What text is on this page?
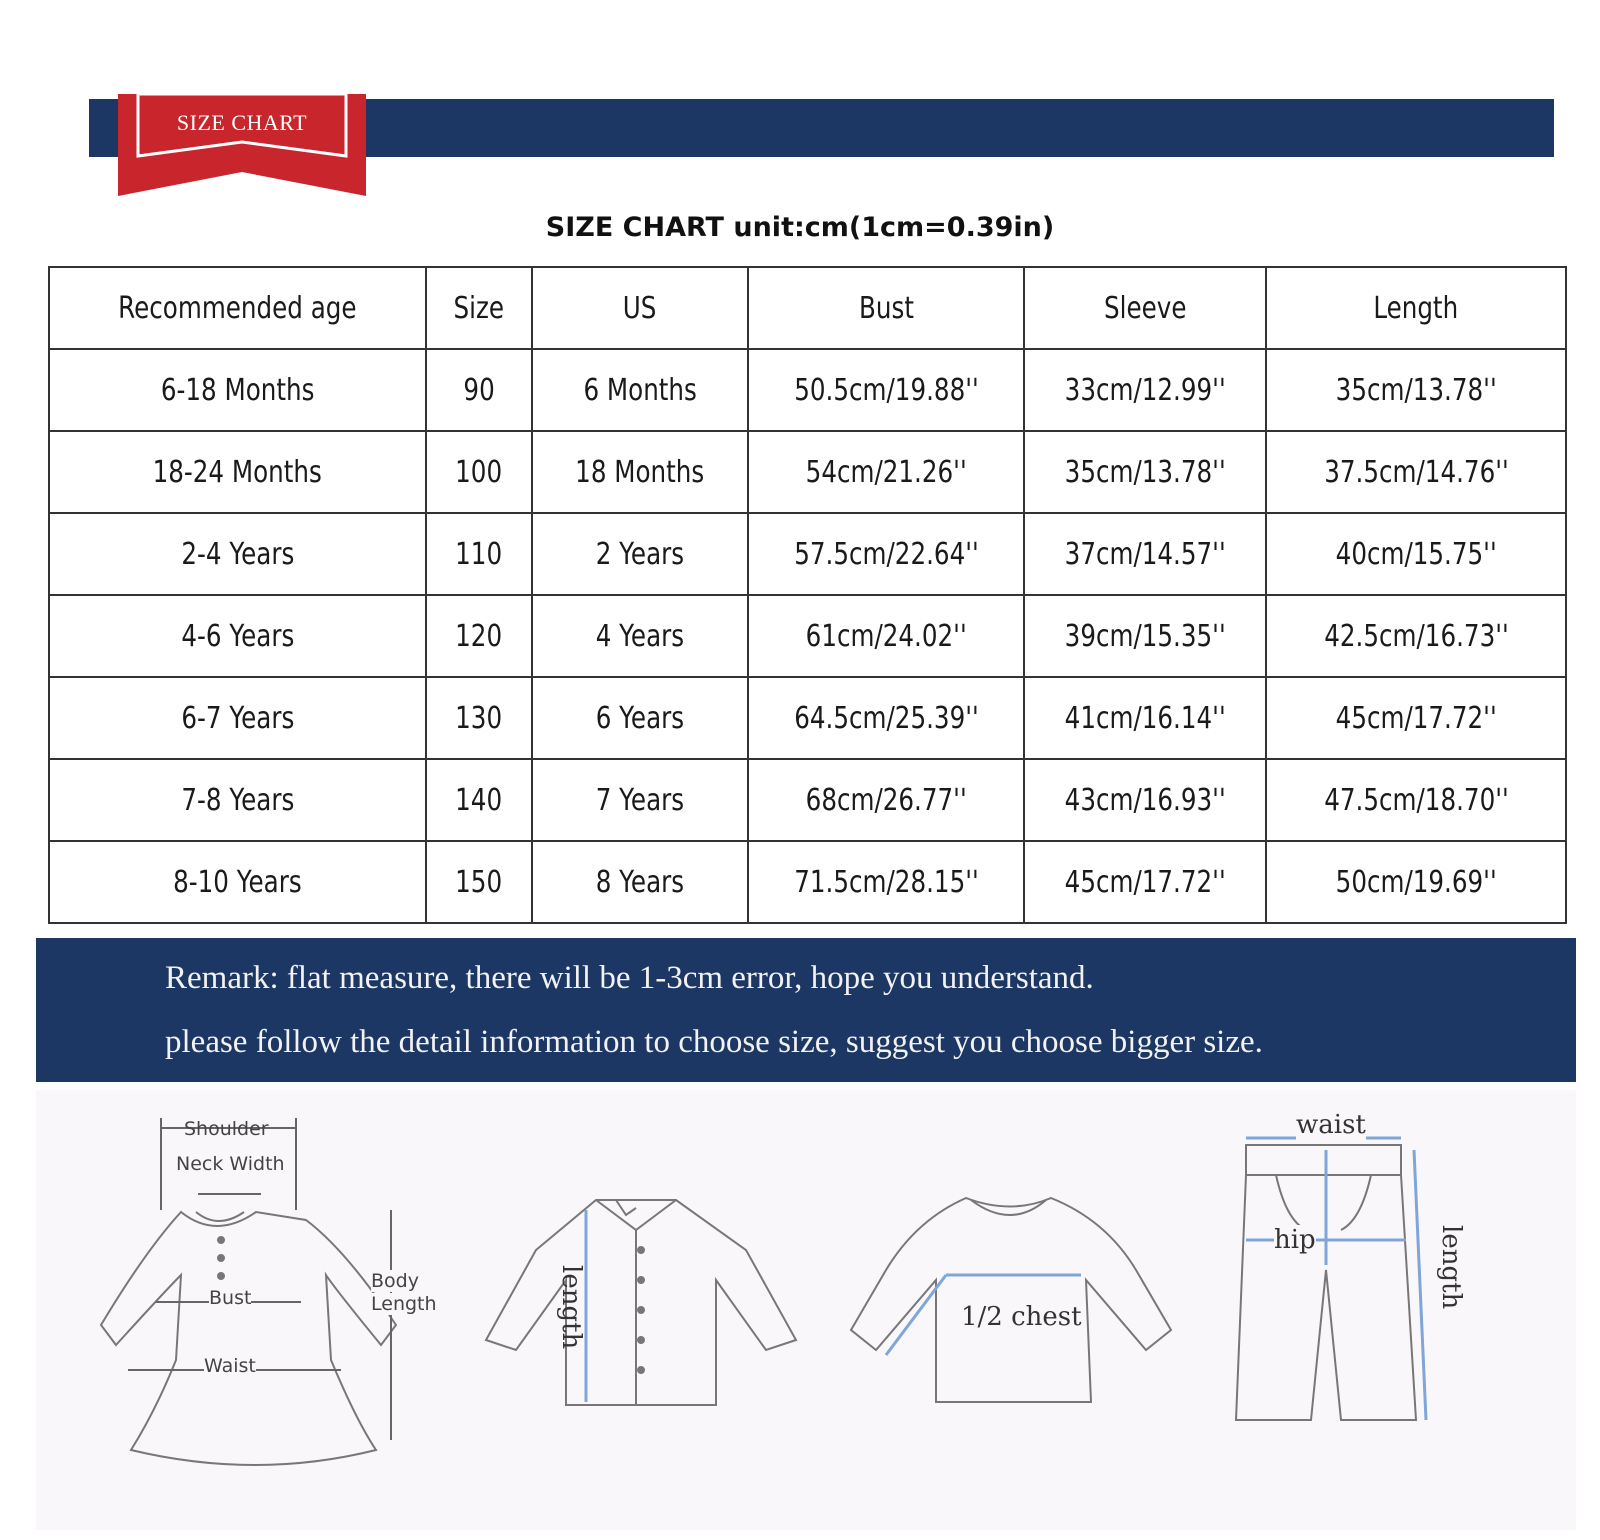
SIZE CHART
SIZE CHART unit:cm(1cm=0.39in)
Recommended age	Size	US	Bust	Sleeve	Length
6-18 Months	90	6 Months	50.5cm/19.88''	33cm/12.99''	35cm/13.78''
18-24 Months	100	18 Months	54cm/21.26''	35cm/13.78''	37.5cm/14.76''
2-4 Years	110	2 Years	57.5cm/22.64''	37cm/14.57''	40cm/15.75''
4-6 Years	120	4 Years	61cm/24.02''	39cm/15.35''	42.5cm/16.73''
6-7 Years	130	6 Years	64.5cm/25.39''	41cm/16.14''	45cm/17.72''
7-8 Years	140	7 Years	68cm/26.77''	43cm/16.93''	47.5cm/18.70''
8-10 Years	150	8 Years	71.5cm/28.15''	45cm/17.72''	50cm/19.69''
Remark: flat measure, there will be 1-3cm error, hope you understand.
please follow the detail information to choose size, suggest you choose bigger size.
Shoulder
Neck Width
Bust
Waist
Body
Length	length	1/2 chest
waist
hip	length
